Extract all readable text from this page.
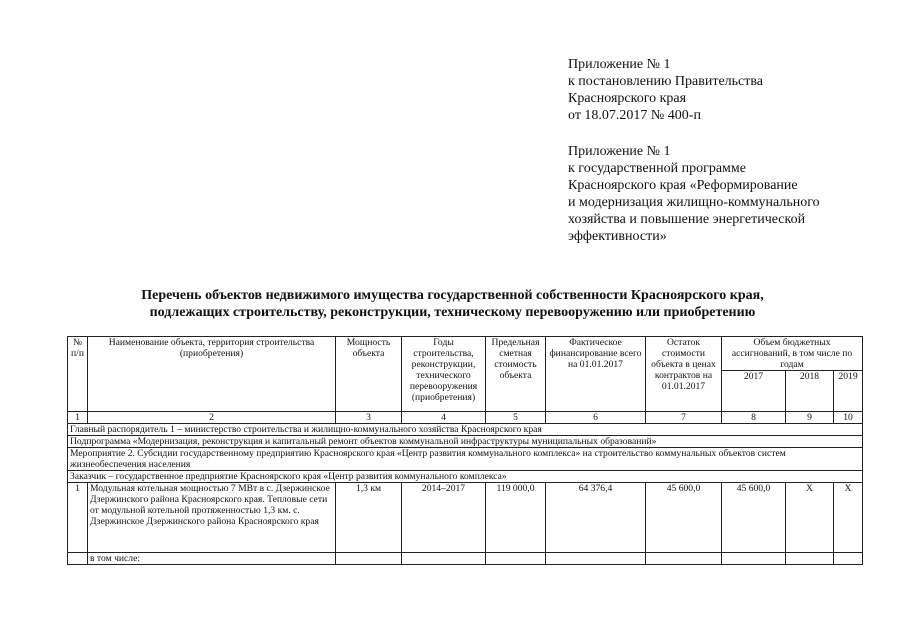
Приложение № 1
к постановлению Правительства
Красноярского края
от 18.07.2017 № 400-п
Приложение № 1
к государственной программе
Красноярского края «Реформирование
и модернизация жилищно-коммунального
хозяйства и повышение энергетической
эффективности»
Перечень объектов недвижимого имущества государственной собственности Красноярского края,
подлежащих строительству, реконструкции, техническому перевооружению или приобретению
№ п/п	Наименование объекта, территория строительства (приобретения)	Мощность объекта	Годы строительства, реконструкции, технического перевооружения (приобретения)	Предельная сметная стоимость объекта	Фактическое финансирование всего на 01.01.2017	Остаток стоимости объекта в ценах контрактов на 01.01.2017	Объем бюджетных ассигнований, в том числе по годам		
							2017	2018	2019
1	2	3	4	5	6	7	8	9	10
Главный распорядитель 1 – министерство строительства и жилищно-коммунального хозяйства Красноярского края									
Подпрограмма «Модернизация, реконструкция и капитальный ремонт объектов коммунальной инфраструктуры муниципальных образований»									
Мероприятие 2. Субсидии государственному предприятию Красноярского края «Центр развития коммунального комплекса» на строительство коммунальных объектов систем жизнеобеспечения населения									
Заказчик – государственное предприятие Красноярского края «Центр развития коммунального комплекса»									
1	Модульная котельная мощностью 7 МВт в с. Дзержинское Дзержинского района Красноярского края. Тепловые сети от модульной котельной протяженностью 1,3 км. с. Дзержинское Дзержинского района Красноярского края	1,3 км	2014–2017	119 000,0	64 376,4	45 600,0	45 600,0	Х	Х
	в том числе:								
